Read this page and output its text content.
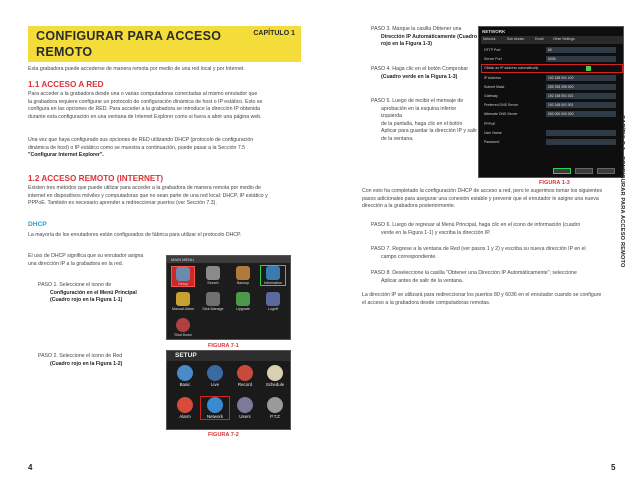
CONFIGURAR PARA ACCESO
REMOTO
CAPÍTULO 1
Esta grabadora puede accederse de manera remota por medio de una red local y por Internet.
1.1 ACCESO A RED
Para acceder a la grabadora desde una o varias computadoras conectadas al mismo enrutador que
la grabadora requiere configurar un protocolo de configuración dinámica de host o IP estático. Esto se
configura en las opciones de RED. Para acceder a la grabadora se introduce la dirección IP obtenida
durante esta configuración en una ventana de Internet Explorer como si fuera a abrir una página web.
Una vez que haya configurado sus opciones de RED utilizando DHCP (protocolo de configuración
dinámica de host) o IP estático como se muestra a continuación, puede pasar a la Sección 7.5
"Configurar Internet Explorer".
1.2 ACCESO REMOTO (INTERNET)
Existen tres métodos que puede utilizar para acceder a la grabadora de manera remota por medio de
internet en dispositivos móviles y computadoras que no sean parte de una red local: DHCP, IP estático y
PPPoE. También es necesario aprender a redireccionar puertos (ver Sección 7.3).
DHCP
La mayoría de los enrutadores están configurados de fábrica para utilizar el protocolo DHCP.
El uso de DHCP significa que su enrutador asigna
una dirección IP a la grabadora en la red.
PASO 1. Seleccione el icono de
Configuración en el Menú Principal
(Cuadro rojo en la Figura 1-1)
MAIN MENU
Setup	Search	Backup	Information
Manual Alarm	Disk Manage	Upgrade	Logoff
Shut Down
FIGURA 7-1
PASO 2. Seleccione el icono de Red
(Cuadro rojo en la Figura 1-2)
SETUP
Basic	Live	Record	Schedule
Alarm	Network	Users	P.T.Z
FIGURA 7-2
4
PASO 3. Marque la casilla Obtener una
Dirección IP Automáticamente (Cuadro
rojo en la Figura 1-3)
PASO 4. Haga clic en el botón Comprobar
(Cuadro verde en la Figura 1-3)
PASO 5. Luego de recibir el mensaje de
aprobación en la esquina inferior izquierda
de la pantalla, haga clic en el botón
Aplicar para guardar la dirección IP y salir
de la ventana.
NETWORK
Network	Sub stream	Email	Other Settings
HTTP Port	80
Server Port	6036
Obtain an IP address automatically
IP Address	192 168 001 100
Subnet Mask	255 255 255 000
Gateway	192 168 001 001
Preferred DNS Server	192 168 001 001
Alternate DNS Server	000 000 000 000
PPPoE
User Name
Password
FIGURA 1-3
Con esto ha completado la configuración DHCP de acceso a red, pero le sugerimos tomar los siguientes
pasos adicionales para asegurar una conexión estable y prevenir que el enrutador le asigne una nueva
dirección a la grabadora posteriormente.
PASO 6. Luego de regresar al Menú Principal, haga clic en el icono de información (cuadro
verde en la Figura 1-1) y escriba la dirección IP.
PASO 7. Regrese a la ventana de Red (ver pasos 1 y 2) y escriba su nueva dirección IP en el
campo correspondiente.
PASO 8. Deseleccione la casilla "Obtener una Dirección IP Automáticamente"; seleccione
Aplicar antes de salir de la ventana.
La dirección IP se utilizará para redireccionar los puertos 80 y 6036 en el enrutador cuando se configure
el acceso a la grabadora desde computadoras remotas.
5
CAPÍTULO 1 · CONFIGURAR PARA ACCESO REMOTO
